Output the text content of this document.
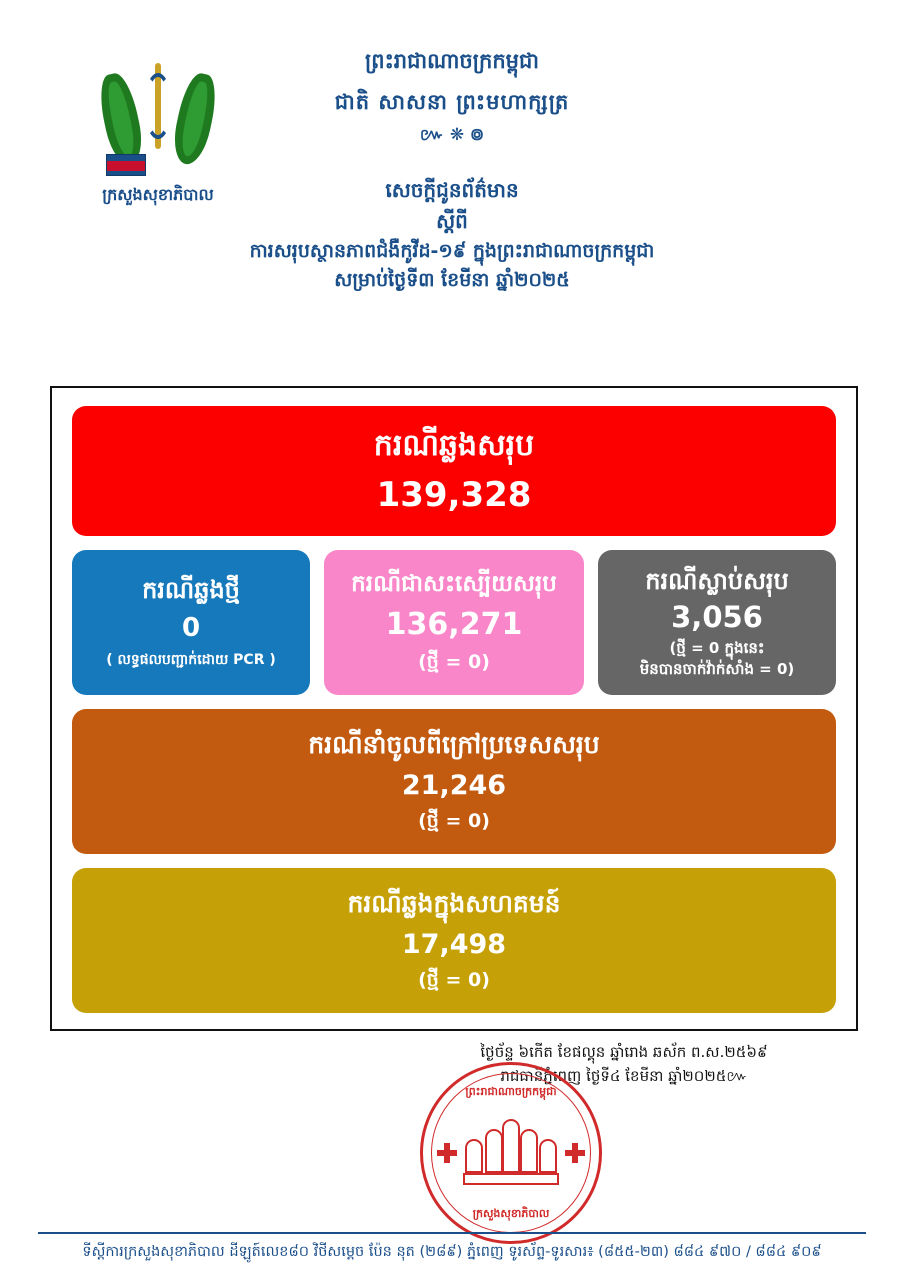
ក្រសួងសុខាភិបាល
ព្រះរាជាណាចក្រកម្ពុជា
ជាតិ សាសនា ព្រះមហាក្សត្រ
៚ ❋ ៙
សេចក្ដីជូនព័ត៌មាន
ស្ដីពី
ការសរុបស្ថានភាពជំងឺកូវីដ-១៩ ក្នុងព្រះរាជាណាចក្រកម្ពុជា
សម្រាប់ថ្ងៃទី៣ ខែមីនា ឆ្នាំ២០២៥
ករណីឆ្លងសរុប
139,328
ករណីឆ្លងថ្មី
0
( លទ្ធផលបញ្ជាក់ដោយ PCR )
ករណីជាសះស្បើយសរុប
136,271
(ថ្មី = 0)
ករណីស្លាប់សរុប
3,056
(ថ្មី = 0 ក្នុងនេះ
មិនបានចាក់វ៉ាក់សាំង = 0)
ករណីនាំចូលពីក្រៅប្រទេសសរុប
21,246
(ថ្មី = 0)
ករណីឆ្លងក្នុងសហគមន៍
17,498
(ថ្មី = 0)
ថ្ងៃច័ន្ទ ៦កើត ខែផល្គុន ឆ្នាំរោង ឆស័ក ព.ស.២៥៦៩
រាជធានីភ្នំពេញ ថ្ងៃទី៤ ខែមីនា ឆ្នាំ២០២៥៚
ព្រះរាជាណាចក្រកម្ពុជា
ក្រសួងសុខាភិបាល
ទីស្ដីការក្រសួងសុខាភិបាល ដីឡូត៍លេខ៨០ វិថីសម្ដេច ប៉ែន នុត (២៨៩) ភ្នំពេញ ទូរស័ព្ទ-ទូរសារ៖ (៨៥៥-២៣) ៨៨៤ ៩៧០ / ៨៨៤ ៩០៩
